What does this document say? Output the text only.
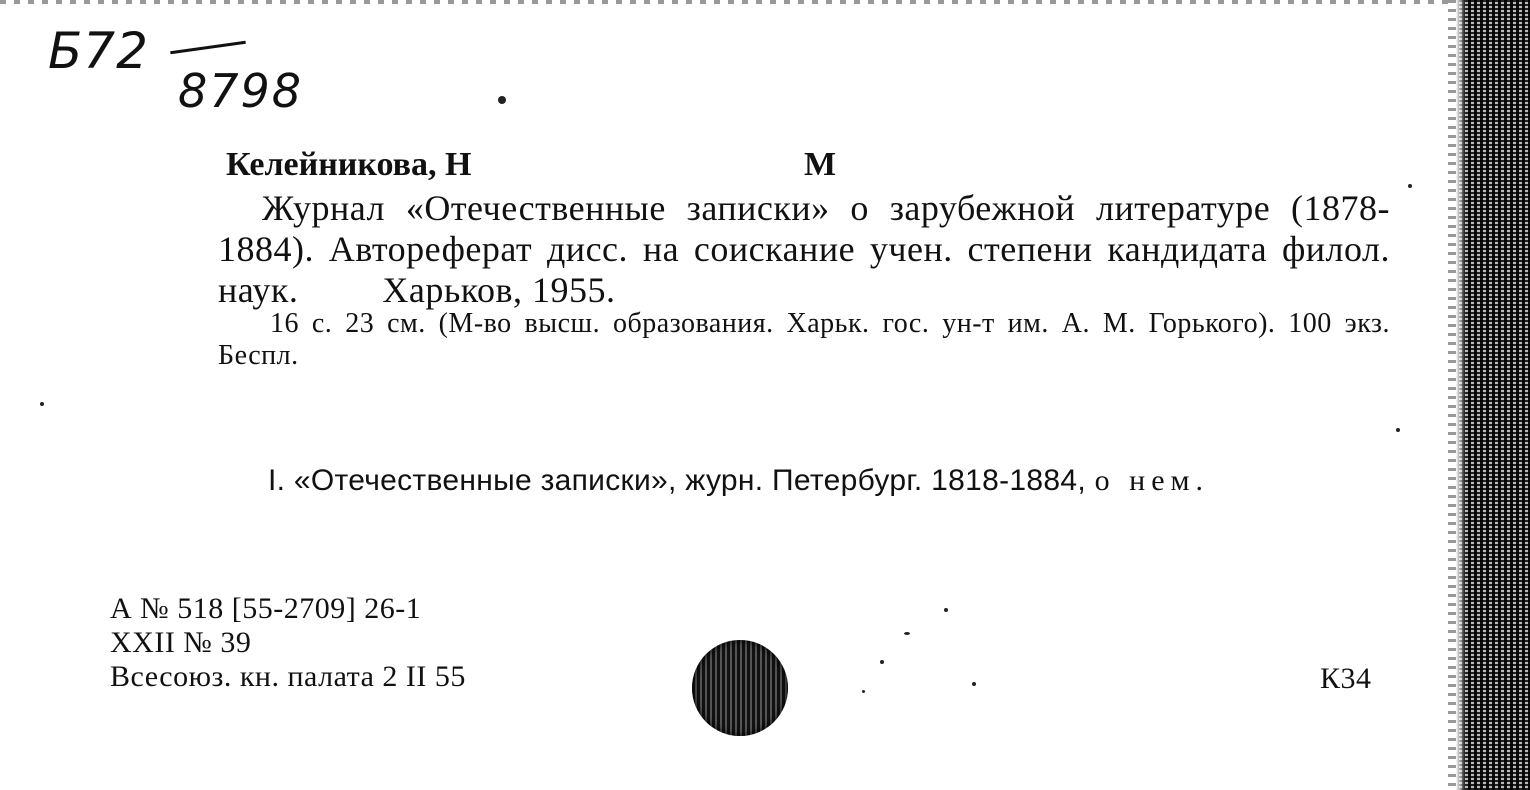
Б72
8798
Келейникова, Н	М
Журнал «Отечественные записки» о зарубежной литературе (1878-1884). Автореферат дисс. на соискание учен. степени кандидата филол. наук. Харьков, 1955.
16 с. 23 см. (М-во высш. образования. Харьк. гос. ун-т им. А. М. Горького). 100 экз. Беспл.
I. «Отечественные записки», журн. Петербург. 1818-1884, о нем.
А № 518 [55-2709] 26-1
XXII № 39
Всесоюз. кн. палата 2 II 55	К34
